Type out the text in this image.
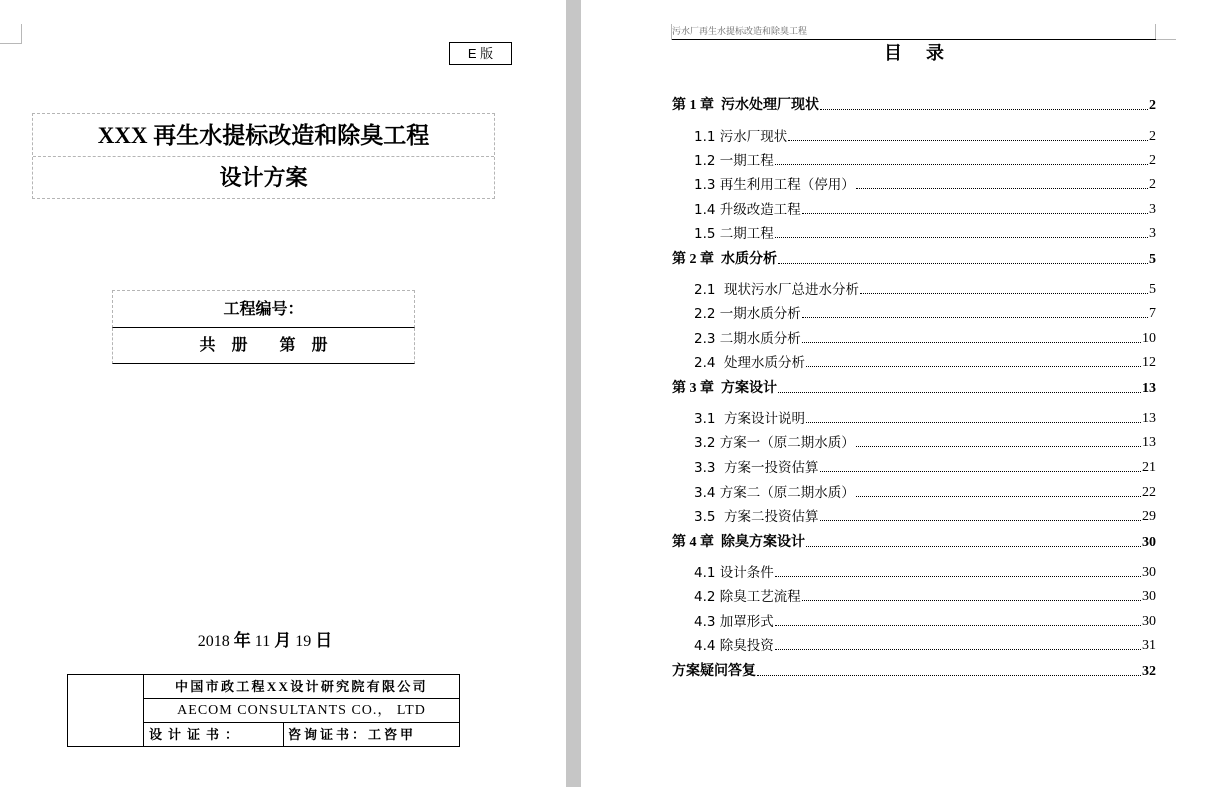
E 版
XXX 再生水提标改造和除臭工程
设计方案
工程编号：
共　册　　第　册
2018 年 11 月 19 日
中国市政工程XX设计研究院有限公司
AECOM CONSULTANTS CO.， LTD
设计证书：	咨询证书：工咨甲
污水厂再生水提标改造和除臭工程
目录
第 1 章  污水处理厂现状	2
1.1 污水厂现状	2
1.2 一期工程	2
1.3 再生利用工程（停用）	2
1.4 升级改造工程	3
1.5 二期工程	3
第 2 章  水质分析	5
2.1  现状污水厂总进水分析	5
2.2 一期水质分析	7
2.3 二期水质分析	10
2.4  处理水质分析	12
第 3 章  方案设计	13
3.1  方案设计说明	13
3.2 方案一（原二期水质）	13
3.3  方案一投资估算	21
3.4 方案二（原二期水质）	22
3.5  方案二投资估算	29
第 4 章  除臭方案设计	30
4.1 设计条件	30
4.2 除臭工艺流程	30
4.3 加罩形式	30
4.4 除臭投资	31
方案疑问答复	32
